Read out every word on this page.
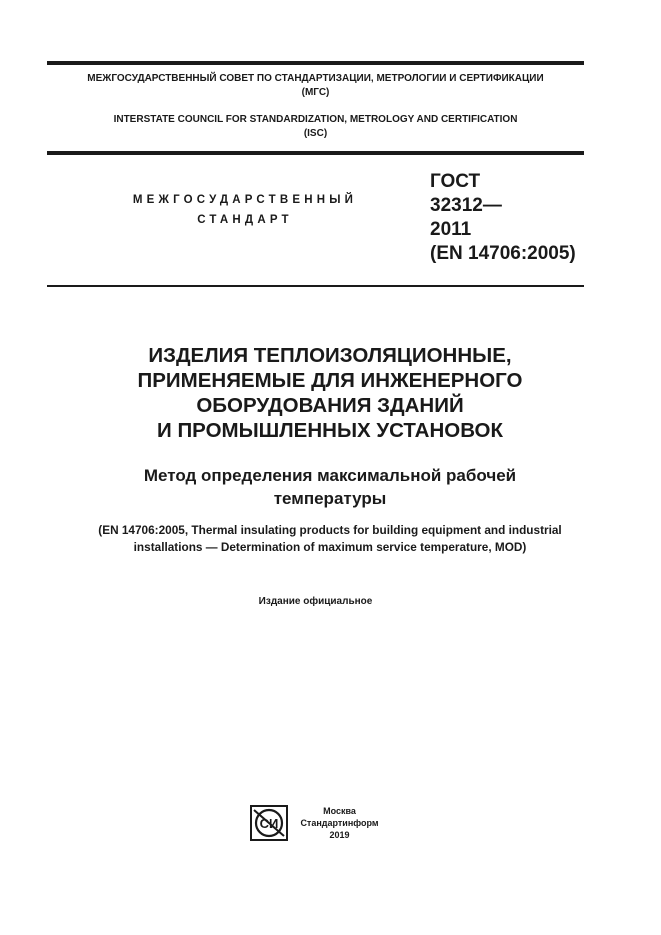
МЕЖГОСУДАРСТВЕННЫЙ СОВЕТ ПО СТАНДАРТИЗАЦИИ, МЕТРОЛОГИИ И СЕРТИФИКАЦИИ
(МГС)
INTERSTATE COUNCIL FOR STANDARDIZATION, METROLOGY AND CERTIFICATION
(ISC)
МЕЖГОСУДАРСТВЕННЫЙ
СТАНДАРТ
ГОСТ
32312—
2011
(EN 14706:2005)
ИЗДЕЛИЯ ТЕПЛОИЗОЛЯЦИОННЫЕ,
ПРИМЕНЯЕМЫЕ ДЛЯ ИНЖЕНЕРНОГО
ОБОРУДОВАНИЯ ЗДАНИЙ
И ПРОМЫШЛЕННЫХ УСТАНОВОК
Метод определения максимальной рабочей
температуры
(EN 14706:2005, Thermal insulating products for building equipment and industrial
installations — Determination of maximum service temperature, MOD)
Издание официальное
СИ
Москва
Стандартинформ
2019
